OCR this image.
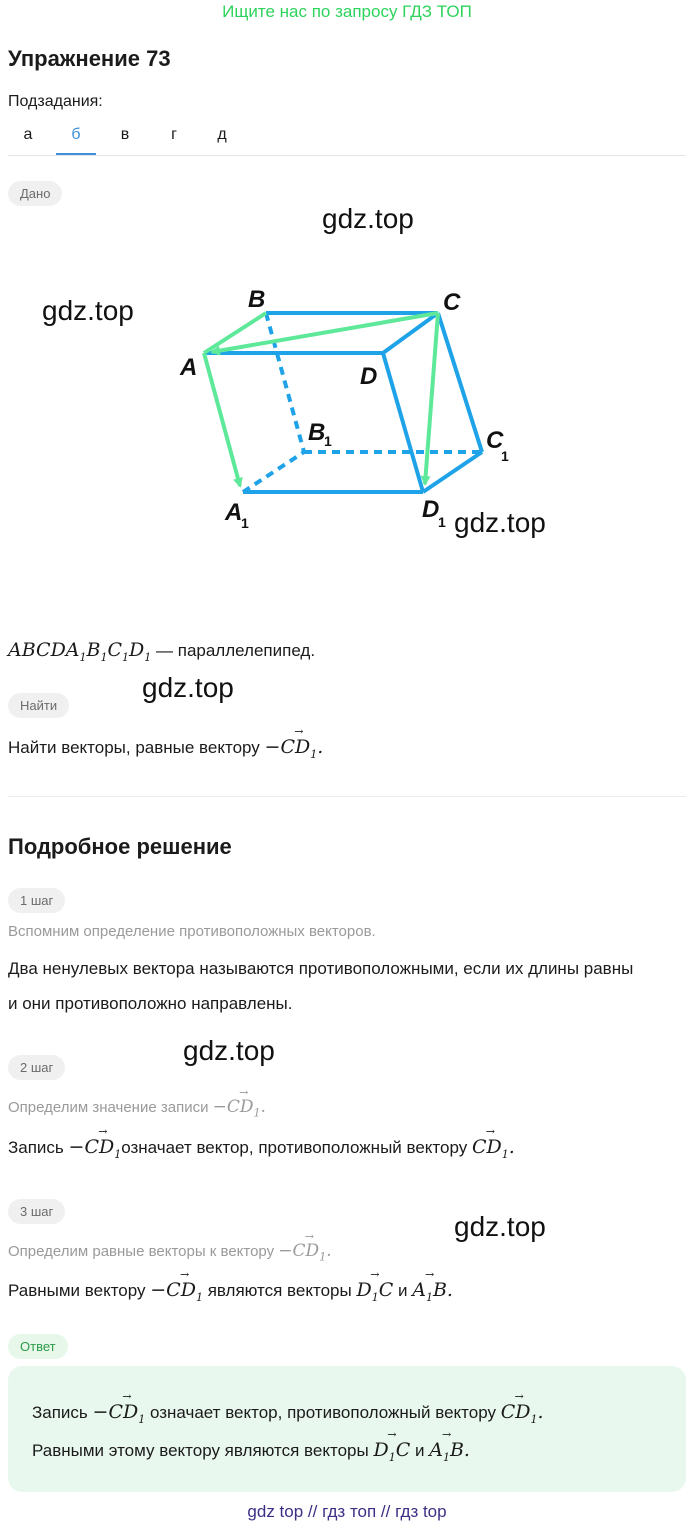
Ищите нас по запросу ГДЗ ТОП
Упражнение 73
Подзадания:
а	б	в	г	д
Дано
gdz.top
gdz.top
gdz.top
B	C
A	D
B	C
A	D
1
1
1	1
$ABCDA_1B_1C_1D_1$ — параллелепипед.
gdz.top
Найти
Найти векторы, равные вектору −→ $CD_1$.
Подробное решение
1 шаг
Вспомним определение противоположных векторов.
Два ненулевых вектора называются противоположными, если их длины равны
и они противоположно направлены.
gdz.top
2 шаг
Определим значение записи −→ $CD_1$.
Запись −→ $CD_1означает$ вектор, противоположный вектору → $CD_1$.
3 шаг	gdz.top
Определим равные векторы к вектору −→ $CD_1$.
Равными вектору −→ $CD_1$ являются векторы → $D_1C$ $и \to A_1B$.
Ответ
Запись −→ $CD_1$ означает вектор, противоположный вектору → $CD_1$.
Равными этому вектору являются векторы → $D_1C$ $и \to A_1B$.
gdz top // гдз топ // гдз top
